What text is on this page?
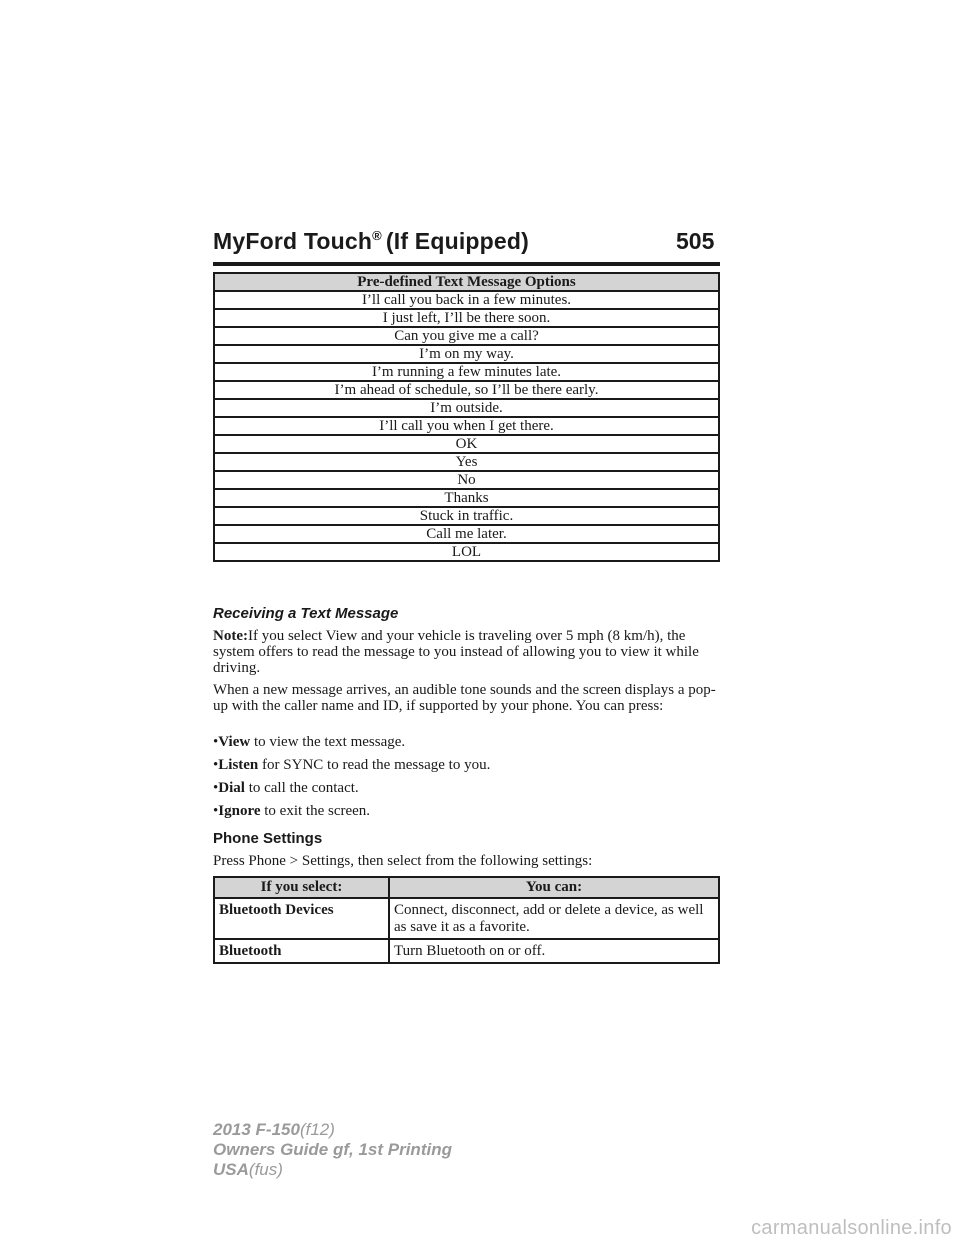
MyFord Touch® (If Equipped)	505
Pre-defined Text Message Options
I’ll call you back in a few minutes.
I just left, I’ll be there soon.
Can you give me a call?
I’m on my way.
I’m running a few minutes late.
I’m ahead of schedule, so I’ll be there early.
I’m outside.
I’ll call you when I get there.
OK
Yes
No
Thanks
Stuck in traffic.
Call me later.
LOL
Receiving a Text Message
Note:If you select View and your vehicle is traveling over 5 mph (8 km/h), the system offers to read the message to you instead of allowing you to view it while driving.
When a new message arrives, an audible tone sounds and the screen displays a pop-up with the caller name and ID, if supported by your phone. You can press:
•View to view the text message.
•Listen for SYNC to read the message to you.
•Dial to call the contact.
•Ignore to exit the screen.
Phone Settings
Press Phone > Settings, then select from the following settings:
If you select:	You can:
Bluetooth Devices	Connect, disconnect, add or delete a device, as well as save it as a favorite.
Bluetooth	Turn Bluetooth on or off.
2013 F-150(f12)
Owners Guide gf, 1st Printing
USA(fus)
carmanualsonline.info
